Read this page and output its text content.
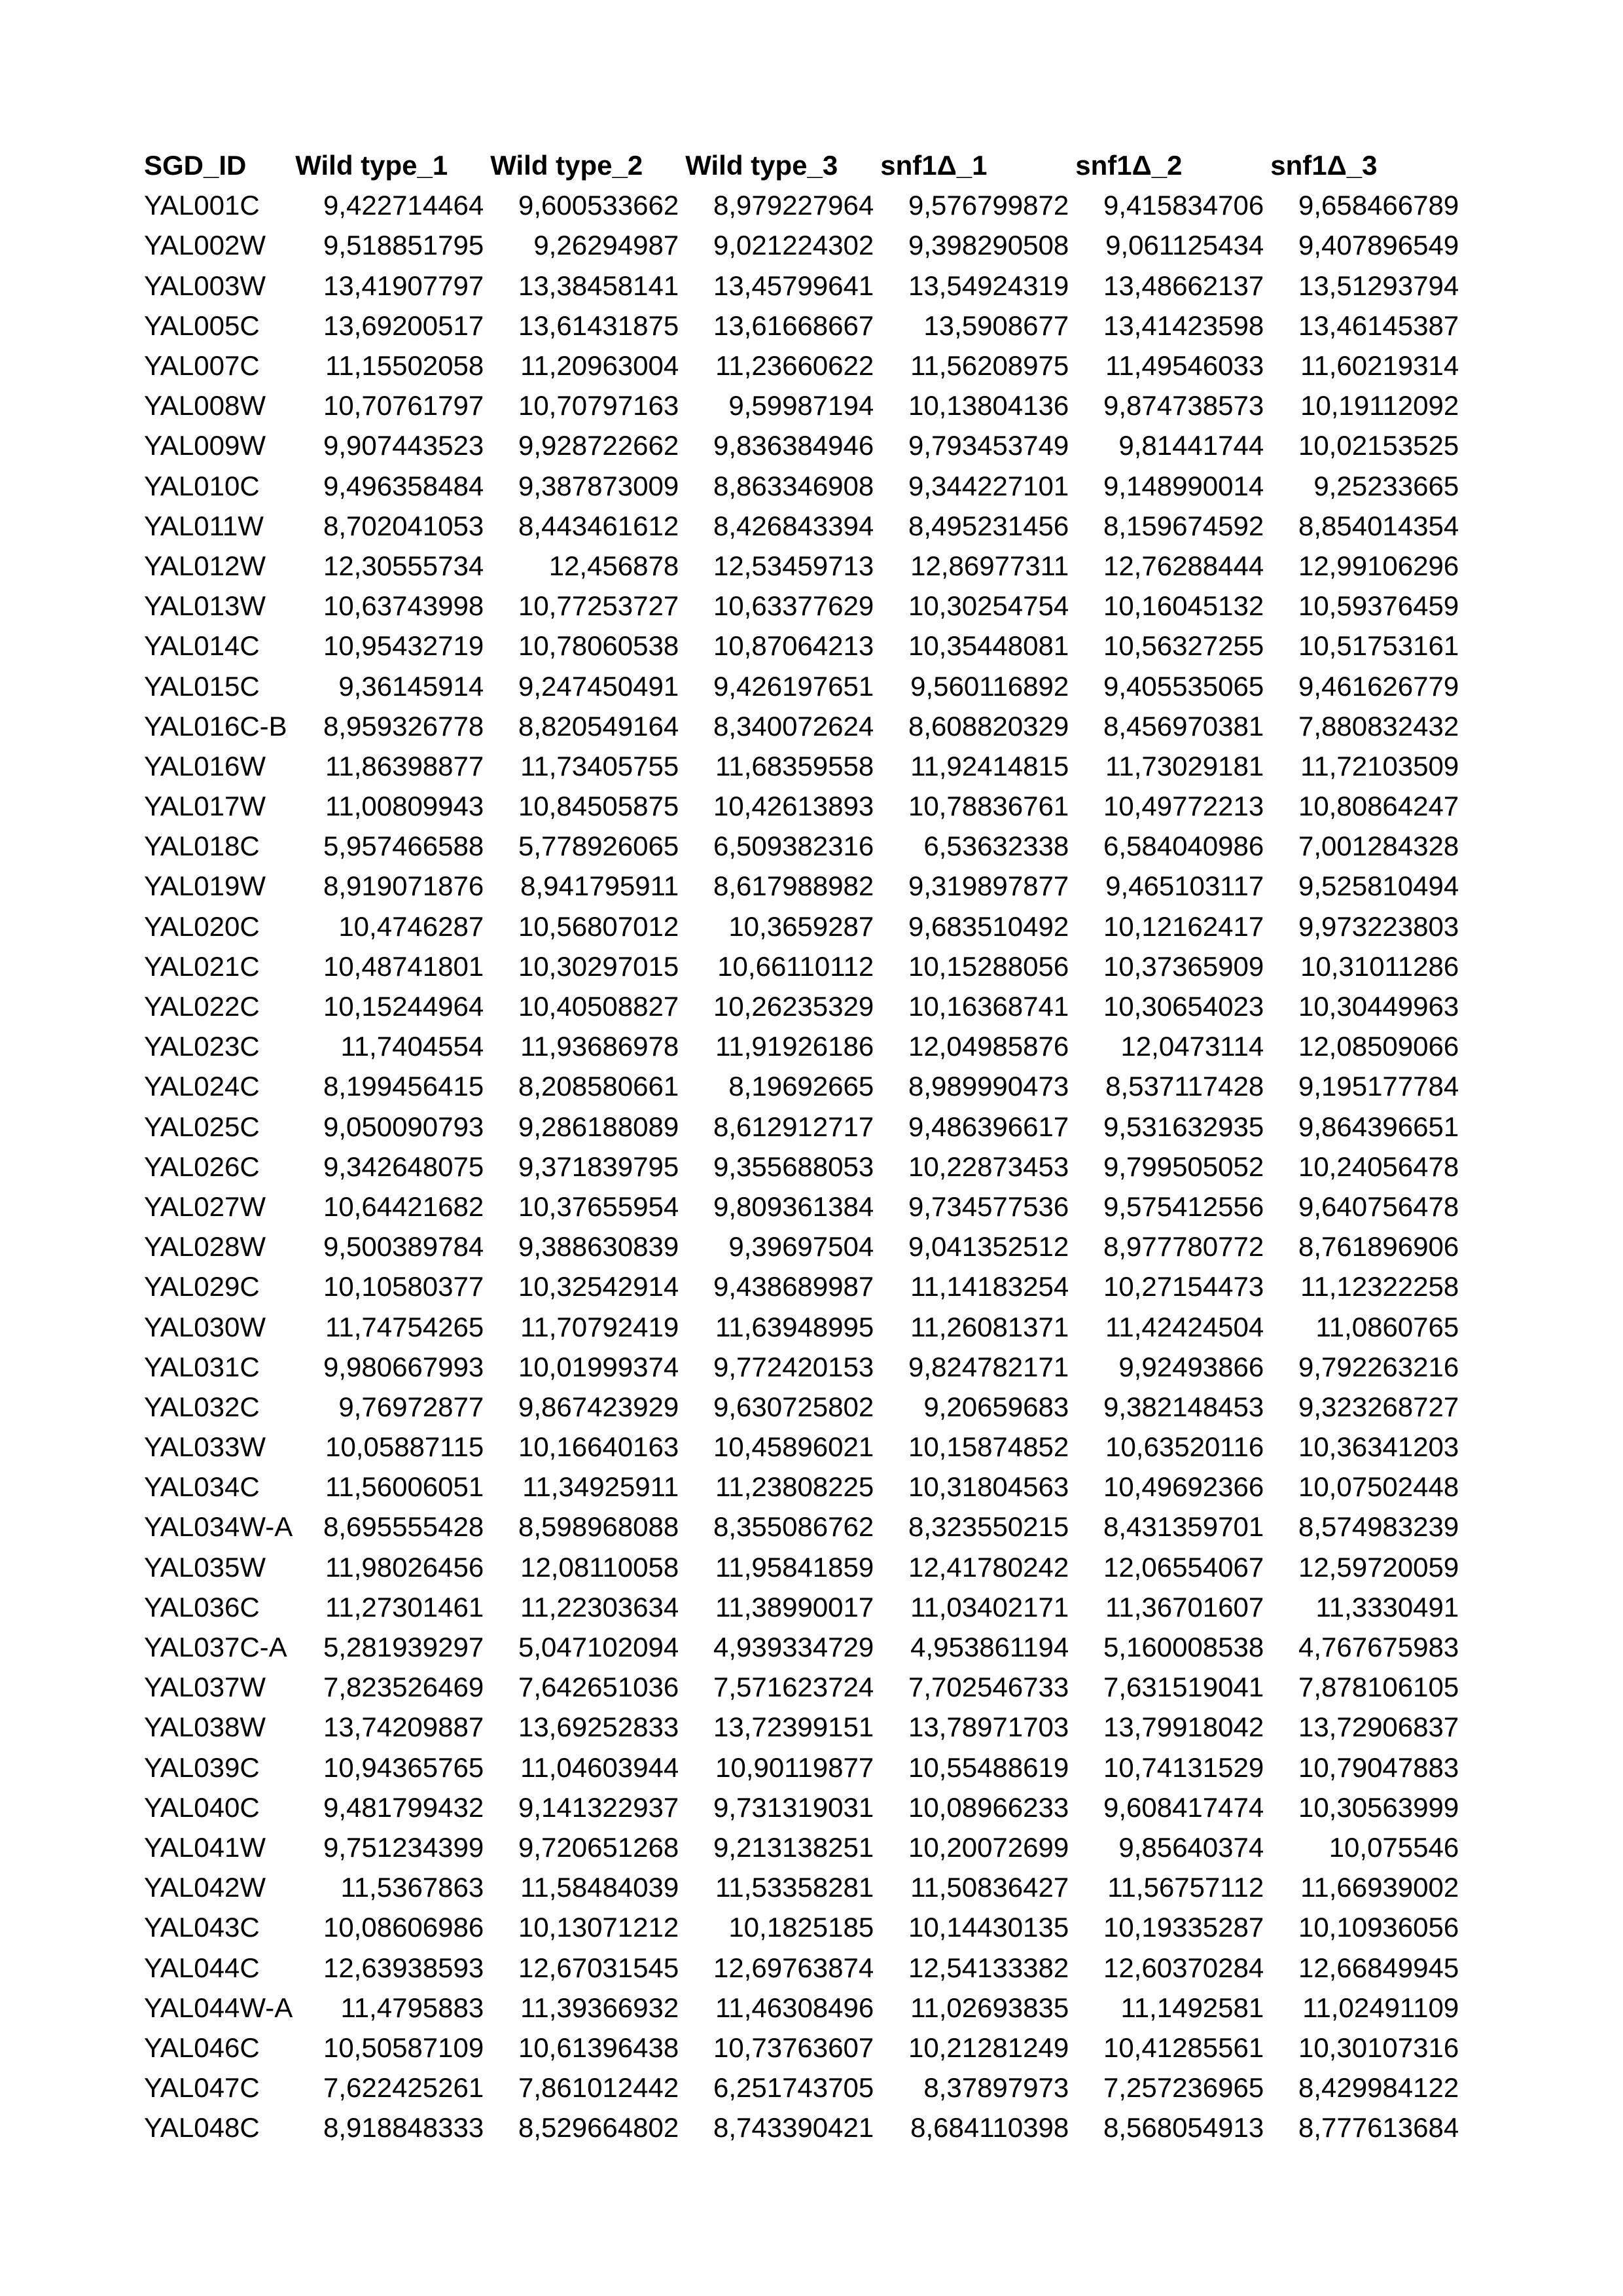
SGD_ID	Wild type_1	Wild type_2	Wild type_3	snf1Δ_1	snf1Δ_2	snf1Δ_3
YAL001C	9,422714464	9,600533662	8,979227964	9,576799872	9,415834706	9,658466789
YAL002W	9,518851795	9,26294987	9,021224302	9,398290508	9,061125434	9,407896549
YAL003W	13,41907797	13,38458141	13,45799641	13,54924319	13,48662137	13,51293794
YAL005C	13,69200517	13,61431875	13,61668667	13,5908677	13,41423598	13,46145387
YAL007C	11,15502058	11,20963004	11,23660622	11,56208975	11,49546033	11,60219314
YAL008W	10,70761797	10,70797163	9,59987194	10,13804136	9,874738573	10,19112092
YAL009W	9,907443523	9,928722662	9,836384946	9,793453749	9,81441744	10,02153525
YAL010C	9,496358484	9,387873009	8,863346908	9,344227101	9,148990014	9,25233665
YAL011W	8,702041053	8,443461612	8,426843394	8,495231456	8,159674592	8,854014354
YAL012W	12,30555734	12,456878	12,53459713	12,86977311	12,76288444	12,99106296
YAL013W	10,63743998	10,77253727	10,63377629	10,30254754	10,16045132	10,59376459
YAL014C	10,95432719	10,78060538	10,87064213	10,35448081	10,56327255	10,51753161
YAL015C	9,36145914	9,247450491	9,426197651	9,560116892	9,405535065	9,461626779
YAL016C-B	8,959326778	8,820549164	8,340072624	8,608820329	8,456970381	7,880832432
YAL016W	11,86398877	11,73405755	11,68359558	11,92414815	11,73029181	11,72103509
YAL017W	11,00809943	10,84505875	10,42613893	10,78836761	10,49772213	10,80864247
YAL018C	5,957466588	5,778926065	6,509382316	6,53632338	6,584040986	7,001284328
YAL019W	8,919071876	8,941795911	8,617988982	9,319897877	9,465103117	9,525810494
YAL020C	10,4746287	10,56807012	10,3659287	9,683510492	10,12162417	9,973223803
YAL021C	10,48741801	10,30297015	10,66110112	10,15288056	10,37365909	10,31011286
YAL022C	10,15244964	10,40508827	10,26235329	10,16368741	10,30654023	10,30449963
YAL023C	11,7404554	11,93686978	11,91926186	12,04985876	12,0473114	12,08509066
YAL024C	8,199456415	8,208580661	8,19692665	8,989990473	8,537117428	9,195177784
YAL025C	9,050090793	9,286188089	8,612912717	9,486396617	9,531632935	9,864396651
YAL026C	9,342648075	9,371839795	9,355688053	10,22873453	9,799505052	10,24056478
YAL027W	10,64421682	10,37655954	9,809361384	9,734577536	9,575412556	9,640756478
YAL028W	9,500389784	9,388630839	9,39697504	9,041352512	8,977780772	8,761896906
YAL029C	10,10580377	10,32542914	9,438689987	11,14183254	10,27154473	11,12322258
YAL030W	11,74754265	11,70792419	11,63948995	11,26081371	11,42424504	11,0860765
YAL031C	9,980667993	10,01999374	9,772420153	9,824782171	9,92493866	9,792263216
YAL032C	9,76972877	9,867423929	9,630725802	9,20659683	9,382148453	9,323268727
YAL033W	10,05887115	10,16640163	10,45896021	10,15874852	10,63520116	10,36341203
YAL034C	11,56006051	11,34925911	11,23808225	10,31804563	10,49692366	10,07502448
YAL034W-A	8,695555428	8,598968088	8,355086762	8,323550215	8,431359701	8,574983239
YAL035W	11,98026456	12,08110058	11,95841859	12,41780242	12,06554067	12,59720059
YAL036C	11,27301461	11,22303634	11,38990017	11,03402171	11,36701607	11,3330491
YAL037C-A	5,281939297	5,047102094	4,939334729	4,953861194	5,160008538	4,767675983
YAL037W	7,823526469	7,642651036	7,571623724	7,702546733	7,631519041	7,878106105
YAL038W	13,74209887	13,69252833	13,72399151	13,78971703	13,79918042	13,72906837
YAL039C	10,94365765	11,04603944	10,90119877	10,55488619	10,74131529	10,79047883
YAL040C	9,481799432	9,141322937	9,731319031	10,08966233	9,608417474	10,30563999
YAL041W	9,751234399	9,720651268	9,213138251	10,20072699	9,85640374	10,075546
YAL042W	11,5367863	11,58484039	11,53358281	11,50836427	11,56757112	11,66939002
YAL043C	10,08606986	10,13071212	10,1825185	10,14430135	10,19335287	10,10936056
YAL044C	12,63938593	12,67031545	12,69763874	12,54133382	12,60370284	12,66849945
YAL044W-A	11,4795883	11,39366932	11,46308496	11,02693835	11,1492581	11,02491109
YAL046C	10,50587109	10,61396438	10,73763607	10,21281249	10,41285561	10,30107316
YAL047C	7,622425261	7,861012442	6,251743705	8,37897973	7,257236965	8,429984122
YAL048C	8,918848333	8,529664802	8,743390421	8,684110398	8,568054913	8,777613684
